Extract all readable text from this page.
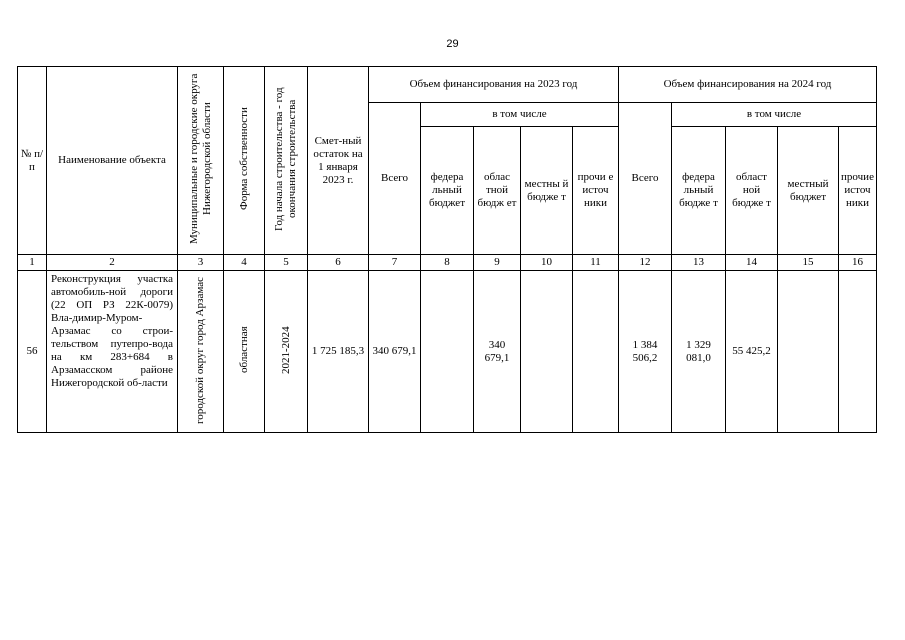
29
№ п/п	Наименование объекта	Муниципальные и городские округа Нижегородской области	Форма собственности	Год начала строительства - год окончания строительства	Смет-ный остаток на 1 января 2023 г.	Объем финансирования на 2023 год					Объем финансирования на 2024 год				
						Всего	в том числе				Всего	в том числе			
							федера льный бюджет	облас тной бюдж ет	местны й бюдже т	прочи е источ ники		федера льный бюдже т	област ной бюдже т	местный бюджет	прочие источ ники
1	2	3	4	5	6	7	8	9	10	11	12	13	14	15	16
56	Реконструкция участка автомобиль-ной дороги (22 ОП РЗ 22К-0079) Вла-димир-Муром-Арзамас со строи-тельством путепро-вода на км 283+684 в Арзамасском районе Нижегородской об-ласти	городской округ город Арзамас	областная	2021-2024	1 725 185,3	340 679,1		340 679,1			1 384 506,2	1 329 081,0	55 425,2		
